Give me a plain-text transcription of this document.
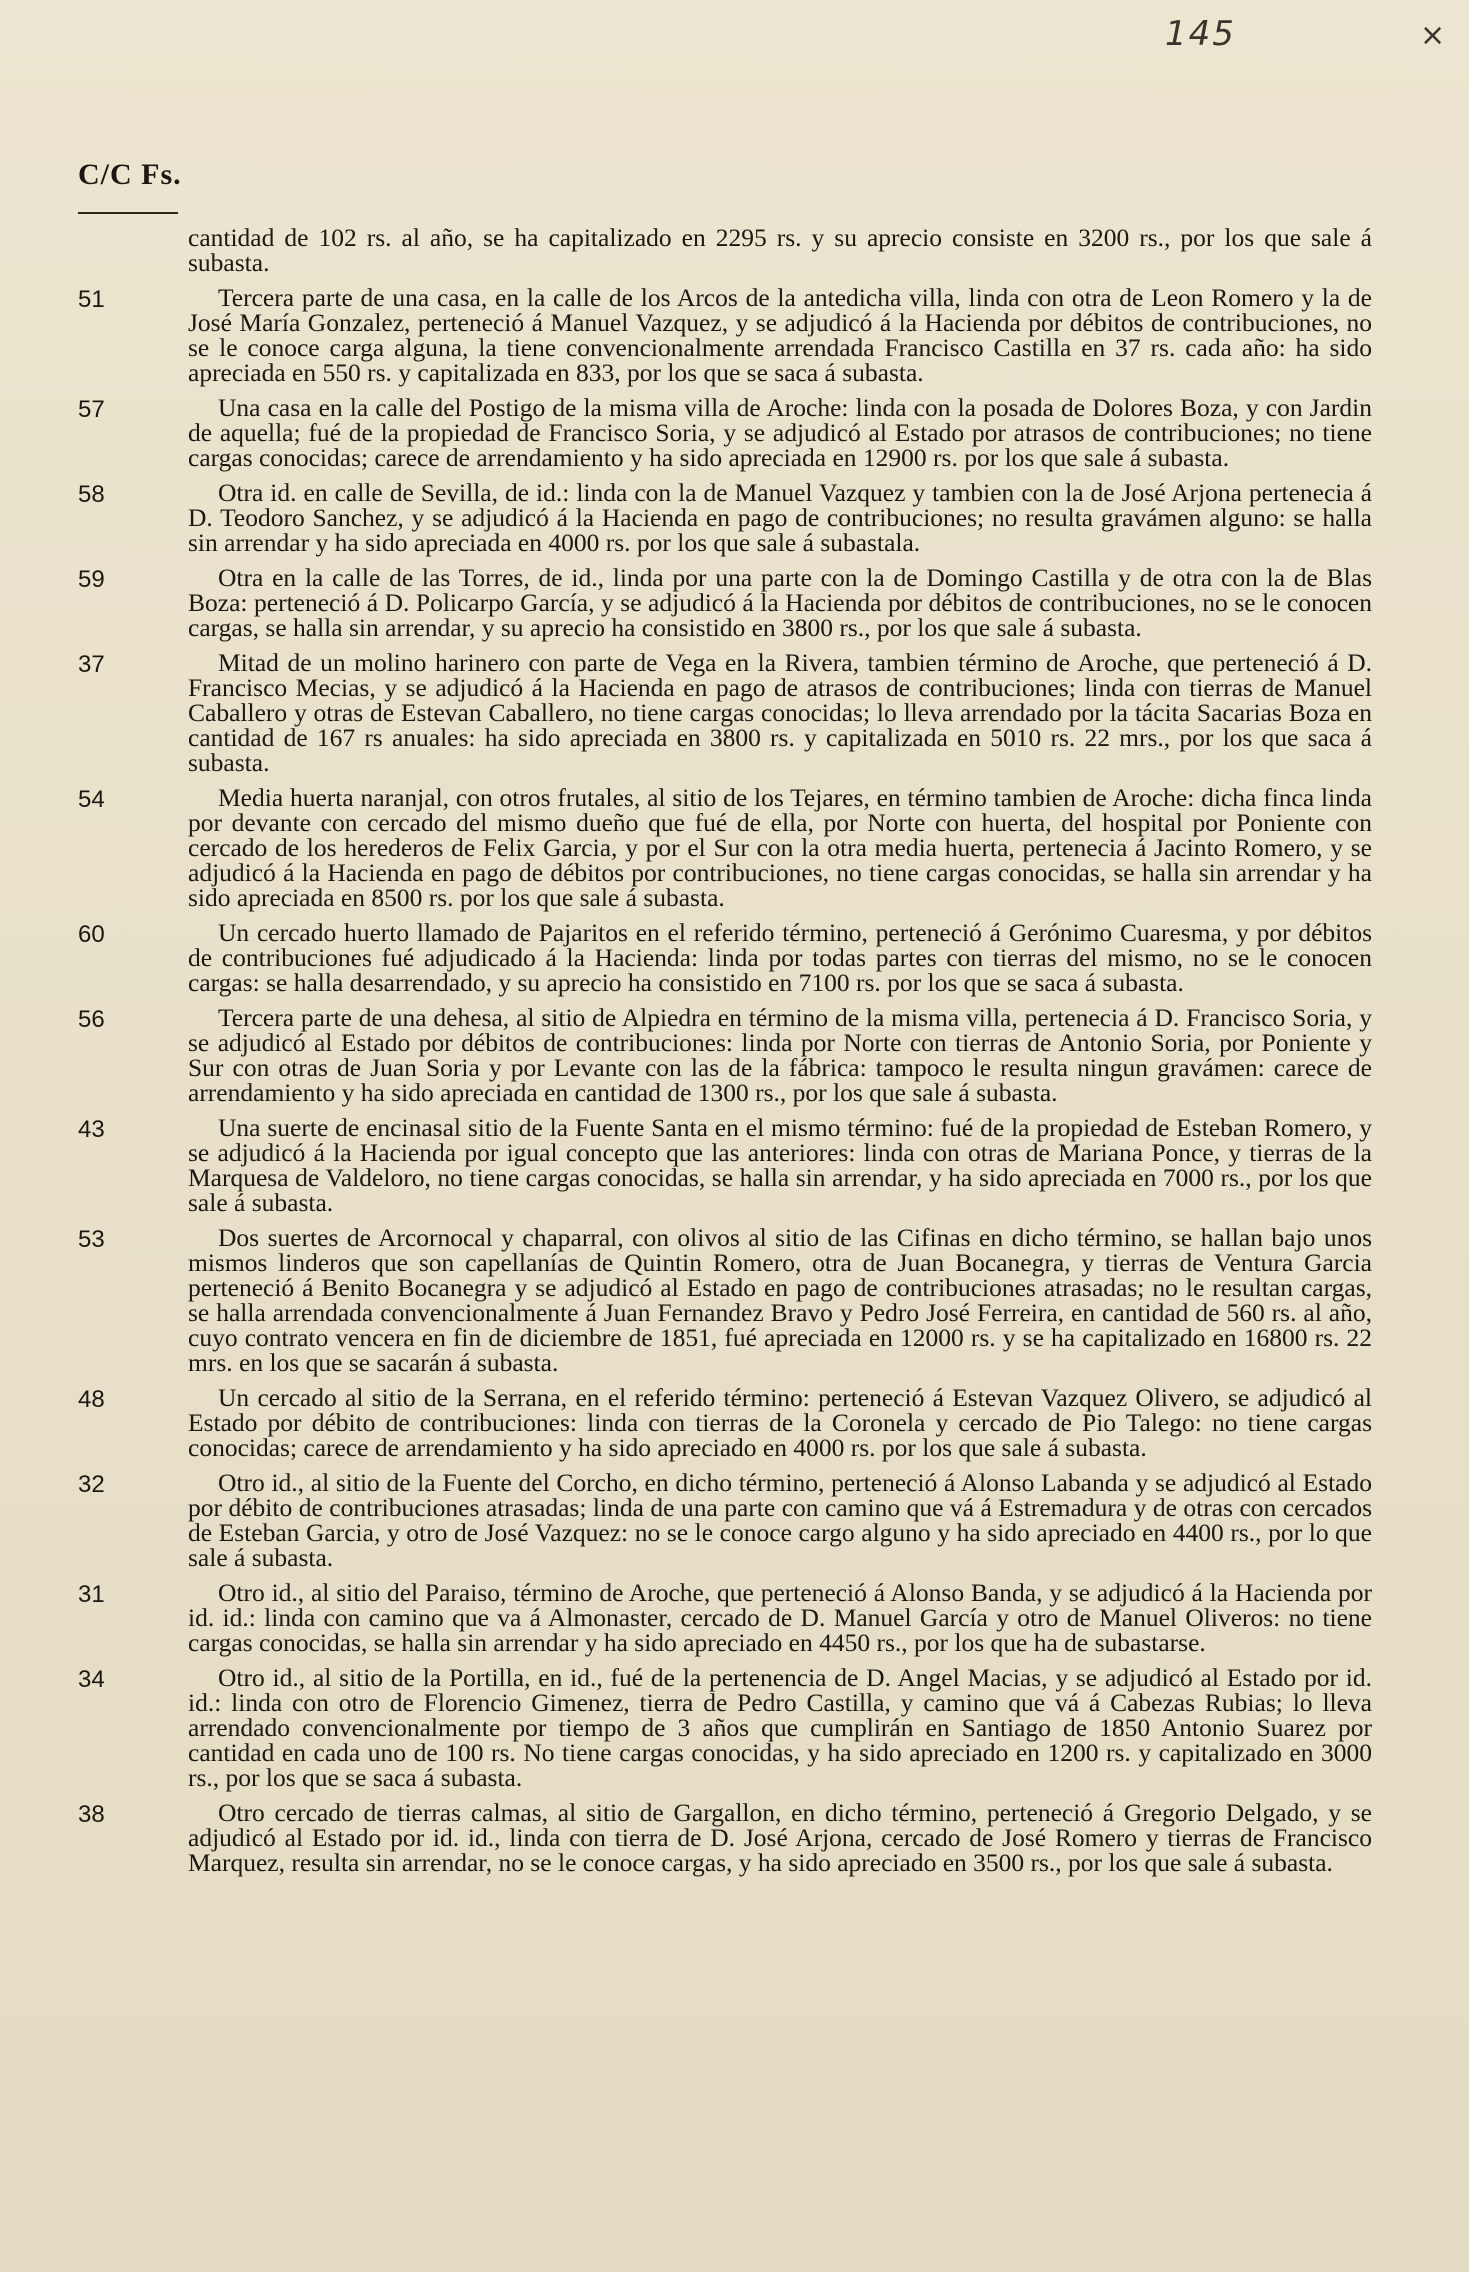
145	×
C/C Fs.
cantidad de 102 rs. al año, se ha capitalizado en 2295 rs. y su aprecio consiste en 3200 rs., por los que sale á subasta.
51	Tercera parte de una casa, en la calle de los Arcos de la antedicha villa, linda con otra de Leon Romero y la de José María Gonzalez, perteneció á Manuel Vazquez, y se adjudicó á la Hacienda por débitos de contribuciones, no se le conoce carga alguna, la tiene convencionalmente arrendada Francisco Castilla en 37 rs. cada año: ha sido apreciada en 550 rs. y capitalizada en 833, por los que se saca á subasta.
57	Una casa en la calle del Postigo de la misma villa de Aroche: linda con la posada de Dolores Boza, y con Jardin de aquella; fué de la propiedad de Francisco Soria, y se adjudicó al Estado por atrasos de contribuciones; no tiene cargas conocidas; carece de arrendamiento y ha sido apreciada en 12900 rs. por los que sale á subasta.
58	Otra id. en calle de Sevilla, de id.: linda con la de Manuel Vazquez y tambien con la de José Arjona pertenecia á D. Teodoro Sanchez, y se adjudicó á la Hacienda en pago de contribuciones; no resulta gravámen alguno: se halla sin arrendar y ha sido apreciada en 4000 rs. por los que sale á subastala.
59	Otra en la calle de las Torres, de id., linda por una parte con la de Domingo Castilla y de otra con la de Blas Boza: perteneció á D. Policarpo García, y se adjudicó á la Hacienda por débitos de contribuciones, no se le conocen cargas, se halla sin arrendar, y su aprecio ha consistido en 3800 rs., por los que sale á subasta.
37	Mitad de un molino harinero con parte de Vega en la Rivera, tambien término de Aroche, que perteneció á D. Francisco Mecias, y se adjudicó á la Hacienda en pago de atrasos de contribuciones; linda con tierras de Manuel Caballero y otras de Estevan Caballero, no tiene cargas conocidas; lo lleva arrendado por la tácita Sacarias Boza en cantidad de 167 rs anuales: ha sido apreciada en 3800 rs. y capitalizada en 5010 rs. 22 mrs., por los que saca á subasta.
54	Media huerta naranjal, con otros frutales, al sitio de los Tejares, en término tambien de Aroche: dicha finca linda por devante con cercado del mismo dueño que fué de ella, por Norte con huerta, del hospital por Poniente con cercado de los herederos de Felix Garcia, y por el Sur con la otra media huerta, pertenecia á Jacinto Romero, y se adjudicó á la Hacienda en pago de débitos por contribuciones, no tiene cargas conocidas, se halla sin arrendar y ha sido apreciada en 8500 rs. por los que sale á subasta.
60	Un cercado huerto llamado de Pajaritos en el referido término, perteneció á Gerónimo Cuaresma, y por débitos de contribuciones fué adjudicado á la Hacienda: linda por todas partes con tierras del mismo, no se le conocen cargas: se halla desarrendado, y su aprecio ha consistido en 7100 rs. por los que se saca á subasta.
56	Tercera parte de una dehesa, al sitio de Alpiedra en término de la misma villa, pertenecia á D. Francisco Soria, y se adjudicó al Estado por débitos de contribuciones: linda por Norte con tierras de Antonio Soria, por Poniente y Sur con otras de Juan Soria y por Levante con las de la fábrica: tampoco le resulta ningun gravámen: carece de arrendamiento y ha sido apreciada en cantidad de 1300 rs., por los que sale á subasta.
43	Una suerte de encinasal sitio de la Fuente Santa en el mismo término: fué de la propiedad de Esteban Romero, y se adjudicó á la Hacienda por igual concepto que las anteriores: linda con otras de Mariana Ponce, y tierras de la Marquesa de Valdeloro, no tiene cargas conocidas, se halla sin arrendar, y ha sido apreciada en 7000 rs., por los que sale á subasta.
53	Dos suertes de Arcornocal y chaparral, con olivos al sitio de las Cifinas en dicho término, se hallan bajo unos mismos linderos que son capellanías de Quintin Romero, otra de Juan Bocanegra, y tierras de Ventura Garcia perteneció á Benito Bocanegra y se adjudicó al Estado en pago de contribuciones atrasadas; no le resultan cargas, se halla arrendada convencionalmente á Juan Fernandez Bravo y Pedro José Ferreira, en cantidad de 560 rs. al año, cuyo contrato vencera en fin de diciembre de 1851, fué apreciada en 12000 rs. y se ha capitalizado en 16800 rs. 22 mrs. en los que se sacarán á subasta.
48	Un cercado al sitio de la Serrana, en el referido término: perteneció á Estevan Vazquez Olivero, se adjudicó al Estado por débito de contribuciones: linda con tierras de la Coronela y cercado de Pio Talego: no tiene cargas conocidas; carece de arrendamiento y ha sido apreciado en 4000 rs. por los que sale á subasta.
32	Otro id., al sitio de la Fuente del Corcho, en dicho término, perteneció á Alonso Labanda y se adjudicó al Estado por débito de contribuciones atrasadas; linda de una parte con camino que vá á Estremadura y de otras con cercados de Esteban Garcia, y otro de José Vazquez: no se le conoce cargo alguno y ha sido apreciado en 4400 rs., por lo que sale á subasta.
31	Otro id., al sitio del Paraiso, término de Aroche, que perteneció á Alonso Banda, y se adjudicó á la Hacienda por id. id.: linda con camino que va á Almonaster, cercado de D. Manuel García y otro de Manuel Oliveros: no tiene cargas conocidas, se halla sin arrendar y ha sido apreciado en 4450 rs., por los que ha de subastarse.
34	Otro id., al sitio de la Portilla, en id., fué de la pertenencia de D. Angel Macias, y se adjudicó al Estado por id. id.: linda con otro de Florencio Gimenez, tierra de Pedro Castilla, y camino que vá á Cabezas Rubias; lo lleva arrendado convencionalmente por tiempo de 3 años que cumplirán en Santiago de 1850 Antonio Suarez por cantidad en cada uno de 100 rs. No tiene cargas conocidas, y ha sido apreciado en 1200 rs. y capitalizado en 3000 rs., por los que se saca á subasta.
38	Otro cercado de tierras calmas, al sitio de Gargallon, en dicho término, perteneció á Gregorio Delgado, y se adjudicó al Estado por id. id., linda con tierra de D. José Arjona, cercado de José Romero y tierras de Francisco Marquez, resulta sin arrendar, no se le conoce cargas, y ha sido apreciado en 3500 rs., por los que sale á subasta.
